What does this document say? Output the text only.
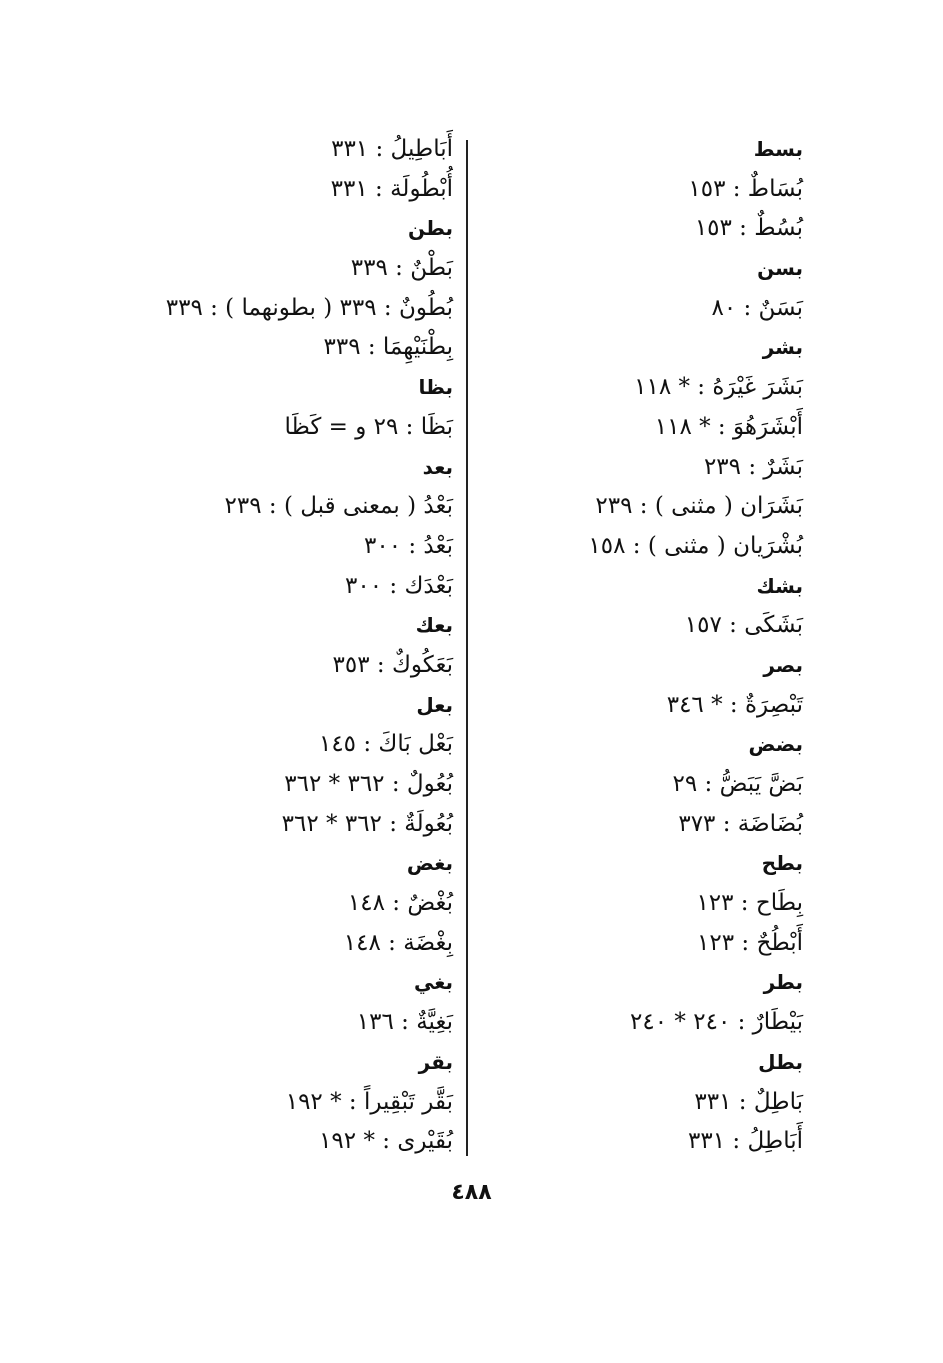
بسط
بُسَاطٌ : ١٥٣
بُسُطٌ : ١٥٣
بسن
بَسَنٌ : ٨٠
بشر
بَشَرَ غَيْرَهُ : * ١١٨
أَبْشَرَهُوَ : * ١١٨
بَشَرٌ : ٢٣٩
بَشَرَان ( مثنى ) : ٢٣٩
بُشْرَيان ( مثنى ) : ١٥٨
بشك
بَشَكَى : ١٥٧
بصر
تَبْصِرَةٌ : * ٣٤٦
بضض
بَضَّ يَبَضُّ : ٢٩
بُضَاضَة : ٣٧٣
بطح
بِطَاح : ١٢٣
أَبْطُحٌ : ١٢٣
بطر
بَيْطَارٌ : ٢٤٠ * ٢٤٠
بطل
بَاطِلٌ : ٣٣١
أَبَاطِلُ : ٣٣١
أَبَاطِيلُ : ٣٣١
أُبْطُولَة : ٣٣١
بطن
بَطْنٌ : ٣٣٩
بُطُونٌ : ٣٣٩ ( بطونهما ) : ٣٣٩
بِطْنَيْهِمَا : ٣٣٩
بظا
بَظَا : ٢٩ و = كَظَا
بعد
بَعْدُ ( بمعنى قبل ) : ٢٣٩
بَعْدُ : ٣٠٠
بَعْدَك : ٣٠٠
بعك
بَعَكُوكٌ : ٣٥٣
بعل
بَعْل بَاكَ : ١٤٥
بُعُولٌ : ٣٦٢ * ٣٦٢
بُعُولَةٌ : ٣٦٢ * ٣٦٢
بغض
بُغْضٌ : ١٤٨
بِغْضَة : ١٤٨
بغي
بَغِيَّةٌ : ١٣٦
بقر
بَقَّر تَبْقِيراً : * ١٩٢
بُقَيْرى : * ١٩٢
٤٨٨
